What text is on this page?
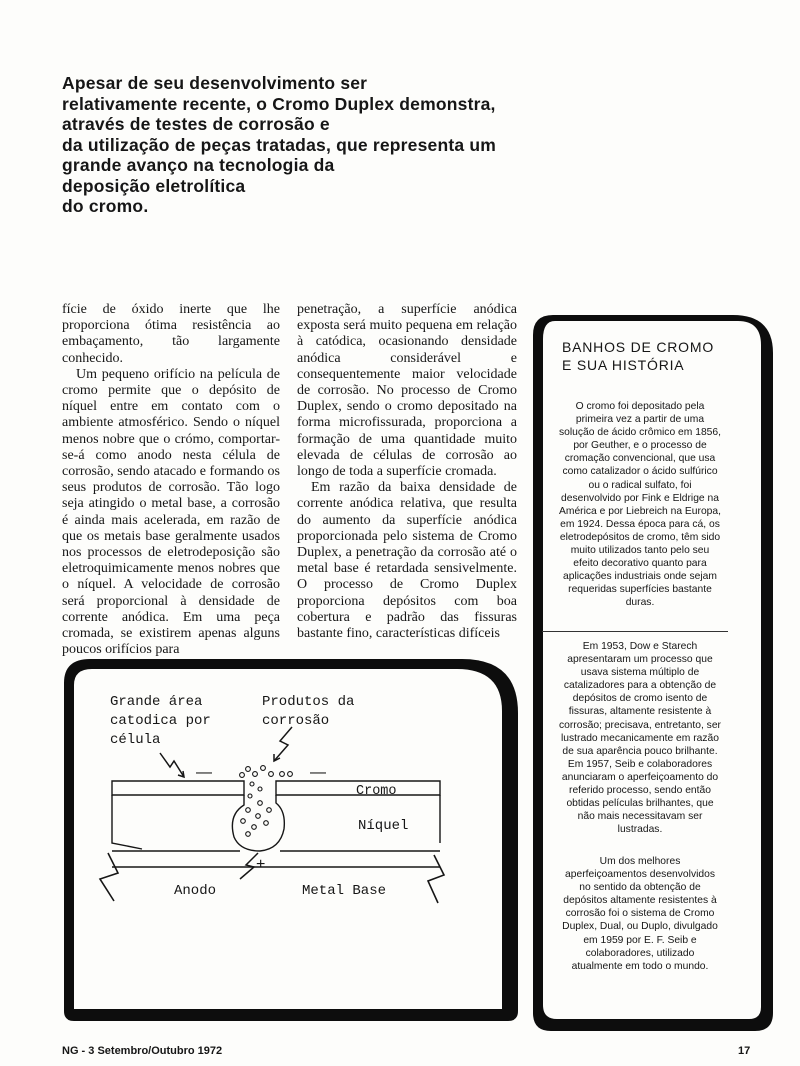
Apesar de seu desenvolvimento ser
relativamente recente, o Cromo Duplex demonstra,
através de testes de corrosão e
da utilização de peças tratadas, que representa um
grande avanço na tecnologia da
deposição eletrolítica
do cromo.

fície de óxido inerte que lhe proporciona ótima resistência ao embaçamento, tão largamente conhecido.

Um pequeno orifício na película de cromo permite que o depósito de níquel entre em contato com o ambiente atmosférico. Sendo o níquel menos nobre que o crómo, comportar-se-á como anodo nesta célula de corrosão, sendo atacado e formando os seus produtos de corrosão. Tão logo seja atingido o metal base, a corrosão é ainda mais acelerada, em razão de que os metais base geralmente usados nos processos de eletrodeposição são eletroquimicamente menos nobres que o níquel. A velocidade de corrosão será proporcional à densidade de corrente anódica. Em uma peça cromada, se existirem apenas alguns poucos orifícios para

penetração, a superfície anódica exposta será muito pequena em relação à catódica, ocasionando densidade anódica considerável e consequentemente maior velocidade de corrosão. No processo de Cromo Duplex, sendo o cromo depositado na forma microfissurada, proporciona a formação de uma quantidade muito elevada de células de corrosão ao longo de toda a superfície cromada.

Em razão da baixa densidade de corrente anódica relativa, que resulta do aumento da superfície anódica proporcionada pelo sistema de Cromo Duplex, a penetração da corrosão até o metal base é retardada sensivelmente. O processo de Cromo Duplex proporciona depósitos com boa cobertura e padrão das fissuras bastante fino, características difíceis

BANHOS DE CROMO
E SUA HISTÓRIA
O cromo foi depositado pela primeira vez a partir de uma solução de ácido crômico em 1856, por Geuther, e o processo de cromação convencional, que usa como catalizador o ácido sulfúrico ou o radical sulfato, foi desenvolvido por Fink e Eldrige na América e por Liebreich na Europa, em 1924. Dessa época para cá, os eletrodepósitos de cromo, têm sido muito utilizados tanto pelo seu efeito decorativo quanto para aplicações industriais onde sejam requeridas superfícies bastante duras.
Em 1953, Dow e Starech apresentaram um processo que usava sistema múltiplo de catalizadores para a obtenção de depósitos de cromo isento de fissuras, altamente resistente à corrosão; precisava, entretanto, ser lustrado mecanicamente em razão de sua aparência pouco brilhante. Em 1957, Seib e colaboradores anunciaram o aperfeiçoamento do referido processo, sendo então obtidas películas brilhantes, que não mais necessitavam ser lustradas.
Um dos melhores aperfeiçoamentos desenvolvidos no sentido da obtenção de depósitos altamente resistentes à corrosão foi o sistema de Cromo Duplex, Dual, ou Duplo, divulgado em 1959 por E. F. Seib e colaboradores, utilizado atualmente em todo o mundo.
Grande área catodica por célula
Produtos da corrosão
—	—
+
Cromo
Níquel
Anodo	Metal Base
NG - 3 Setembro/Outubro 1972	17
